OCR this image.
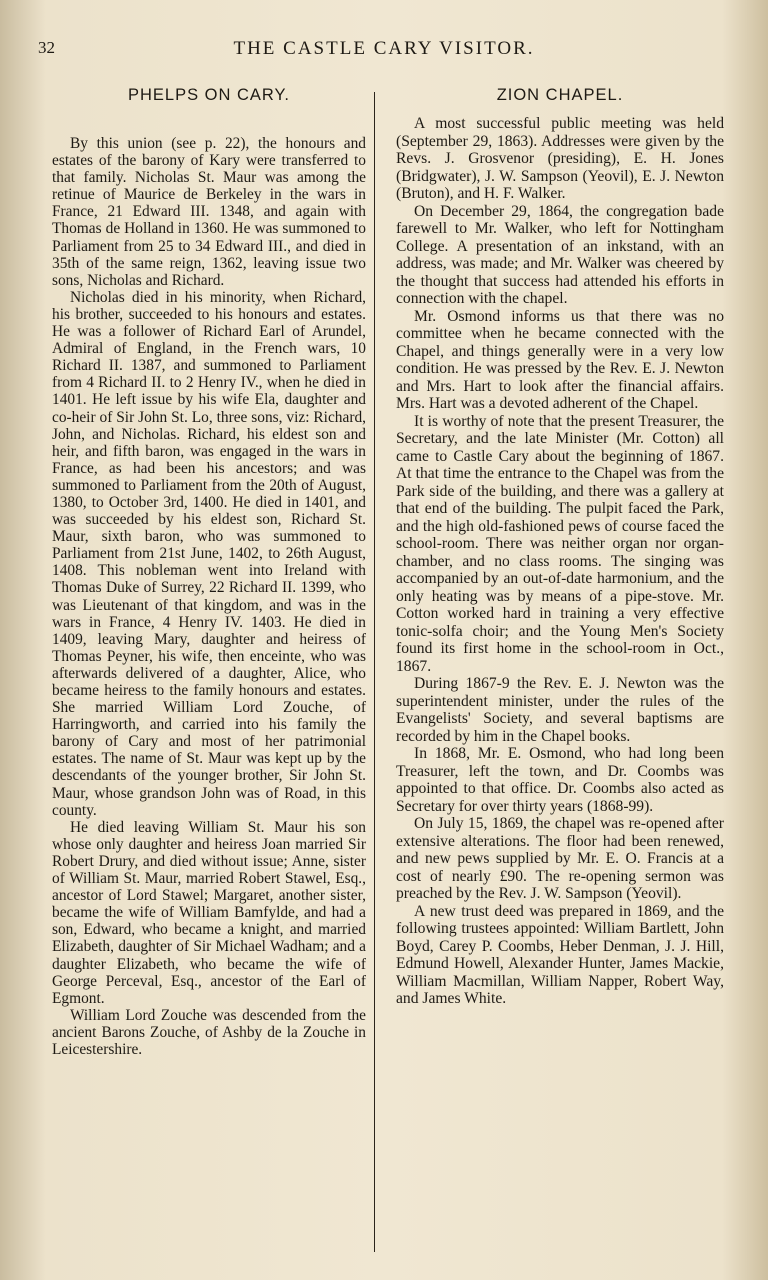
32	THE CASTLE CARY VISITOR.
PHELPS ON CARY.

By this union (see p. 22), the honours and estates of the barony of Kary were transferred to that family. Nicholas St. Maur was among the retinue of Maurice de Berkeley in the wars in France, 21 Edward III. 1348, and again with Thomas de Holland in 1360. He was summoned to Parliament from 25 to 34 Edward III., and died in 35th of the same reign, 1362, leaving issue two sons, Nicholas and Richard.

Nicholas died in his minority, when Richard, his brother, succeeded to his honours and estates. He was a follower of Richard Earl of Arundel, Admiral of England, in the French wars, 10 Richard II. 1387, and summoned to Parliament from 4 Richard II. to 2 Henry IV., when he died in 1401. He left issue by his wife Ela, daughter and co-heir of Sir John St. Lo, three sons, viz: Richard, John, and Nicholas. Richard, his eldest son and heir, and fifth baron, was engaged in the wars in France, as had been his ancestors; and was summoned to Parliament from the 20th of August, 1380, to October 3rd, 1400. He died in 1401, and was succeeded by his eldest son, Richard St. Maur, sixth baron, who was summoned to Parliament from 21st June, 1402, to 26th August, 1408. This nobleman went into Ireland with Thomas Duke of Surrey, 22 Richard II. 1399, who was Lieutenant of that kingdom, and was in the wars in France, 4 Henry IV. 1403. He died in 1409, leaving Mary, daughter and heiress of Thomas Peyner, his wife, then enceinte, who was afterwards delivered of a daughter, Alice, who became heiress to the family honours and estates. She married William Lord Zouche, of Harringworth, and carried into his family the barony of Cary and most of her patrimonial estates. The name of St. Maur was kept up by the descendants of the younger brother, Sir John St. Maur, whose grandson John was of Road, in this county.

He died leaving William St. Maur his son whose only daughter and heiress Joan married Sir Robert Drury, and died without issue; Anne, sister of William St. Maur, married Robert Stawel, Esq., ancestor of Lord Stawel; Margaret, another sister, became the wife of William Bamfylde, and had a son, Edward, who became a knight, and married Elizabeth, daughter of Sir Michael Wadham; and a daughter Elizabeth, who became the wife of George Perceval, Esq., ancestor of the Earl of Egmont.

William Lord Zouche was descended from the ancient Barons Zouche, of Ashby de la Zouche in Leicestershire.

ZION CHAPEL.

A most successful public meeting was held (September 29, 1863). Addresses were given by the Revs. J. Grosvenor (presiding), E. H. Jones (Bridgwater), J. W. Sampson (Yeovil), E. J. Newton (Bruton), and H. F. Walker.

On December 29, 1864, the congregation bade farewell to Mr. Walker, who left for Nottingham College. A presentation of an inkstand, with an address, was made; and Mr. Walker was cheered by the thought that success had attended his efforts in connection with the chapel.

Mr. Osmond informs us that there was no committee when he became connected with the Chapel, and things generally were in a very low condition. He was pressed by the Rev. E. J. Newton and Mrs. Hart to look after the financial affairs. Mrs. Hart was a devoted adherent of the Chapel.

It is worthy of note that the present Treasurer, the Secretary, and the late Minister (Mr. Cotton) all came to Castle Cary about the beginning of 1867. At that time the entrance to the Chapel was from the Park side of the building, and there was a gallery at that end of the building. The pulpit faced the Park, and the high old-fashioned pews of course faced the school-room. There was neither organ nor organ-chamber, and no class rooms. The singing was accompanied by an out-of-date harmonium, and the only heating was by means of a pipe-stove. Mr. Cotton worked hard in training a very effective tonic-solfa choir; and the Young Men's Society found its first home in the school-room in Oct., 1867.

During 1867-9 the Rev. E. J. Newton was the superintendent minister, under the rules of the Evangelists' Society, and several baptisms are recorded by him in the Chapel books.

In 1868, Mr. E. Osmond, who had long been Treasurer, left the town, and Dr. Coombs was appointed to that office. Dr. Coombs also acted as Secretary for over thirty years (1868-99).

On July 15, 1869, the chapel was re-opened after extensive alterations. The floor had been renewed, and new pews supplied by Mr. E. O. Francis at a cost of nearly £90. The re-opening sermon was preached by the Rev. J. W. Sampson (Yeovil).

A new trust deed was prepared in 1869, and the following trustees appointed: William Bartlett, John Boyd, Carey P. Coombs, Heber Denman, J. J. Hill, Edmund Howell, Alexander Hunter, James Mackie, William Macmillan, William Napper, Robert Way, and James White.
